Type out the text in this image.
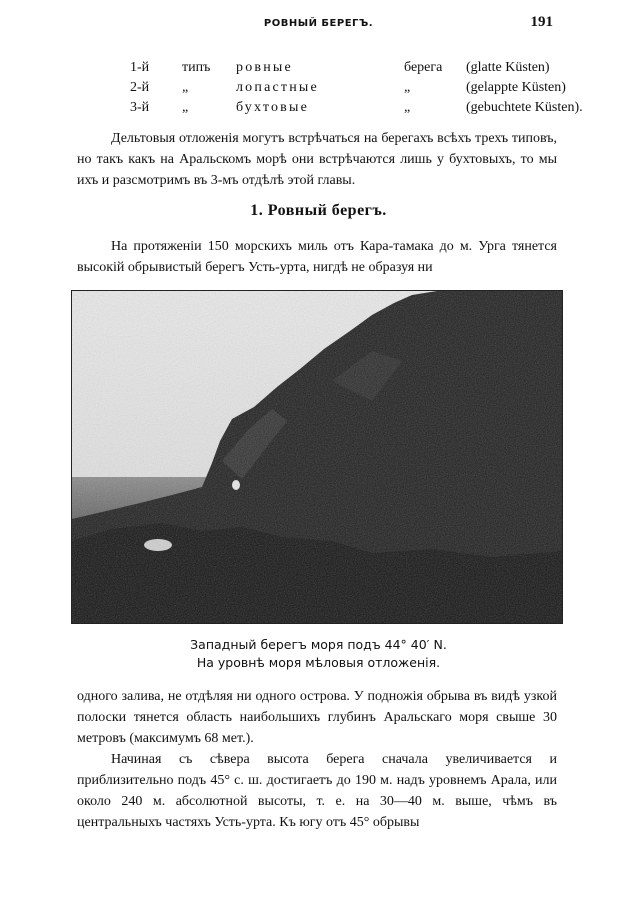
РОВНЫЙ БЕРЕГЪ.	191
1-й	типъ	ровные	берега	(glatte Küsten)
2-й	„	лопастные	„	(gelappte Küsten)
3-й	„	бухтовые	„	(gebuchtete Küsten).

Дельтовыя отложенія могутъ встрѣчаться на берегахъ всѣхъ трехъ типовъ, но такъ какъ на Аральскомъ морѣ они встрѣчаются лишь у бухтовыхъ, то мы ихъ и разсмотримъ въ 3-мъ отдѣлѣ этой главы.

1. Ровный берегъ.

На протяженіи 150 морскихъ миль отъ Кара-тамака до м. Урга тянется высокій обрывистый берегъ Усть-урта, нигдѣ не образуя ни

Западный берегъ моря подъ 44° 40′ N.
На уровнѣ моря мѣловыя отложенія.

одного залива, не отдѣляя ни одного острова. У подножія обрыва въ видѣ узкой полоски тянется область наибольшихъ глубинъ Аральскаго моря свыше 30 метровъ (максимумъ 68 мет.).

Начиная съ сѣвера высота берега сначала увеличивается и приблизительно подъ 45° с. ш. достигаетъ до 190 м. надъ уровнемъ Арала, или около 240 м. абсолютной высоты, т. е. на 30—40 м. выше, чѣмъ въ центральныхъ частяхъ Усть-урта. Къ югу отъ 45° обрывы
